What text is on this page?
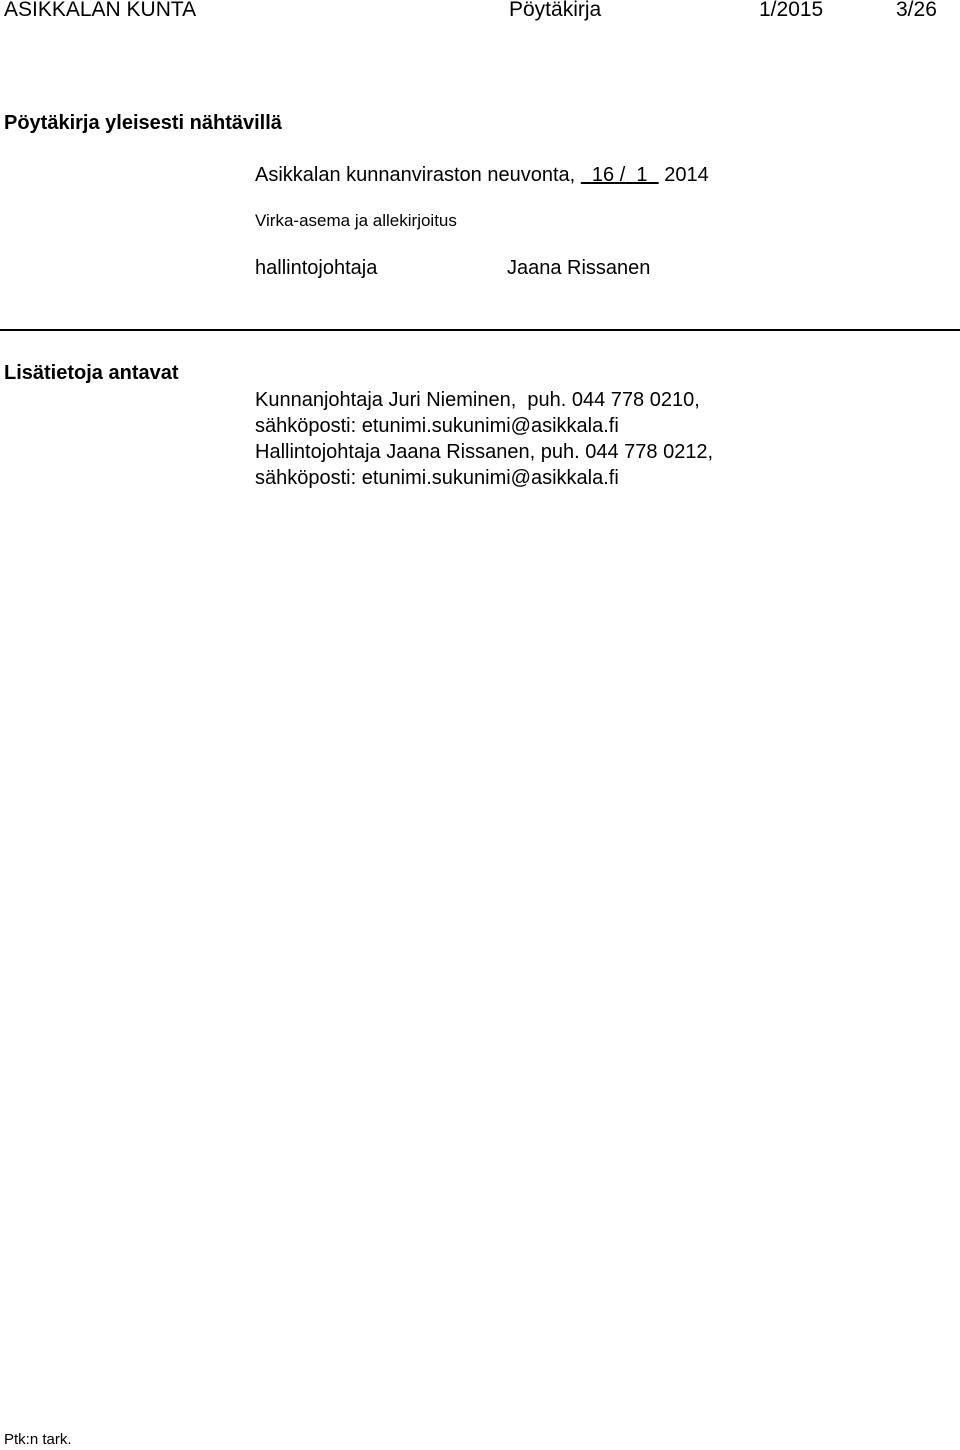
ASIKKALAN KUNTA	Pöytäkirja	1/2015	3/26
Pöytäkirja yleisesti nähtävillä
Asikkalan kunnanviraston neuvonta, 16 / 1 2014
Virka-asema ja allekirjoitus
hallintojohtaja	Jaana Rissanen
Lisätietoja antavat
Kunnanjohtaja Juri Nieminen,  puh. 044 778 0210,
sähköposti: etunimi.sukunimi@asikkala.fi
Hallintojohtaja Jaana Rissanen, puh. 044 778 0212,
sähköposti: etunimi.sukunimi@asikkala.fi
Ptk:n tark.
